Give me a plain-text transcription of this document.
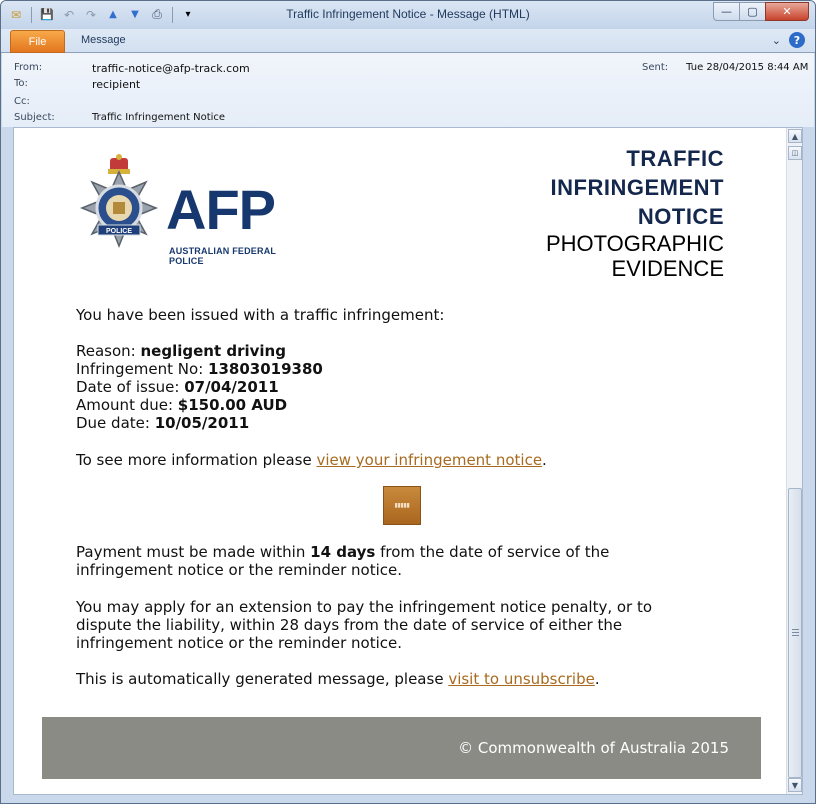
✉	💾 ↶ ↷	▲	▼	⎙	▾	Traffic Infringement Notice - Message (HTML)	—	▢	✕
File	Message	⌄	?
From:	traffic-notice@afp-track.com
To:	recipient
Cc:
Subject:	Traffic Infringement Notice
Sent: Tue 28/04/2015 8:44 AM
POLICE AFP
AUSTRALIAN FEDERAL POLICE
TRAFFIC
INFRINGEMENT
NOTICE
PHOTOGRAPHIC
EVIDENCE
You have been issued with a traffic infringement:
Reason: negligent driving
Infringement No: 13803019380
Date of issue: 07/04/2011
Amount due: $150.00 AUD
Due date: 10/05/2011
To see more information please view your infringement notice.
▮▮▮▮▮
Payment must be made within 14 days from the date of service of the
infringement notice or the reminder notice.
You may apply for an extension to pay the infringement notice penalty, or to
dispute the liability, within 28 days from the date of service of either the
infringement notice or the reminder notice.
This is automatically generated message, please visit to unsubscribe.
© Commonwealth of Australia 2015
▲
◫
▼
